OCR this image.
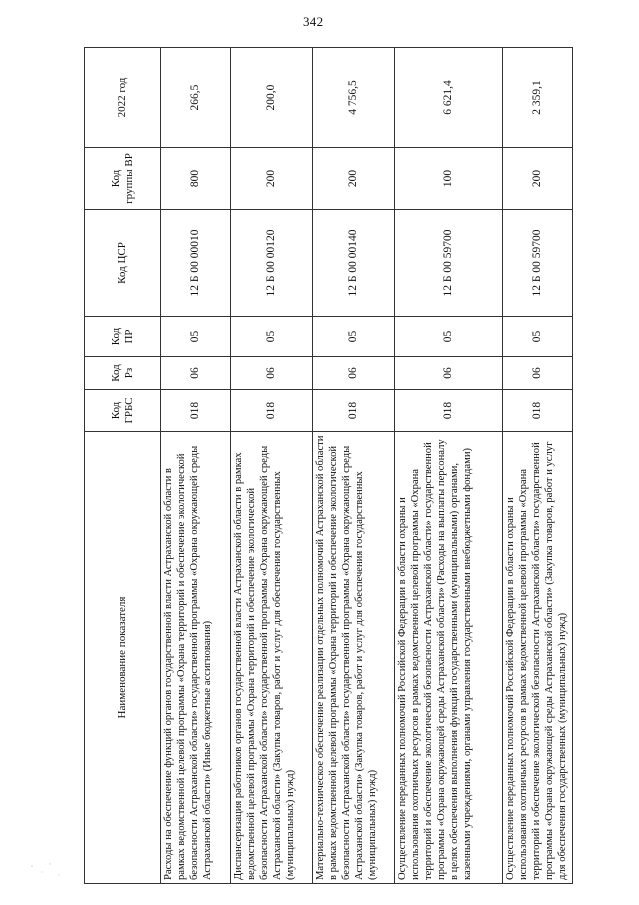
342
Наименование показателя	Код ГРБС	Код Рз	Код ПР	Код ЦСР	Код группы ВР	2022 год
Расходы на обеспечение функций органов государственной власти Астраханской области в рамках ведомственной целевой программы «Охрана территорий и обеспечение экологической безопасности Астраханской области» государственной программы «Охрана окружающей среды Астраханской области» (Иные бюджетные ассигнования)	018	06	05	12 Б 00 00010	800	266,5
Диспансеризация работников органов государственной власти Астраханской области в рамках ведомственной целевой программы «Охрана территорий и обеспечение экологической безопасности Астраханской области» государственной программы «Охрана окружающей среды Астраханской области» (Закупка товаров, работ и услуг для обеспечения государственных (муниципальных) нужд)	018	06	05	12 Б 00 00120	200	200,0
Материально-техническое обеспечение реализации отдельных полномочий Астраханской области в рамках ведомственной целевой программы «Охрана территорий и обеспечение экологической безопасности Астраханской области» государственной программы «Охрана окружающей среды Астраханской области» (Закупка товаров, работ и услуг для обеспечения государственных (муниципальных) нужд)	018	06	05	12 Б 00 00140	200	4 756,5
Осуществление переданных полномочий Российской Федерации в области охраны и использования охотничьих ресурсов в рамках ведомственной целевой программы «Охрана территорий и обеспечение экологической безопасности Астраханской области» государственной программы «Охрана окружающей среды Астраханской области» (Расходы на выплаты персоналу в целях обеспечения выполнения функций государственными (муниципальными) органами, казенными учреждениями, органами управления государственными внебюджетными фондами)	018	06	05	12 Б 00 59700	100	6 621,4
Осуществление переданных полномочий Российской Федерации в области охраны и использования охотничьих ресурсов в рамках ведомственной целевой программы «Охрана территорий и обеспечение экологической безопасности Астраханской области» государственной программы «Охрана окружающей среды Астраханской области» (Закупка товаров, работ и услуг для обеспечения государственных (муниципальных) нужд)	018	06	05	12 Б 00 59700	200	2 359,1
